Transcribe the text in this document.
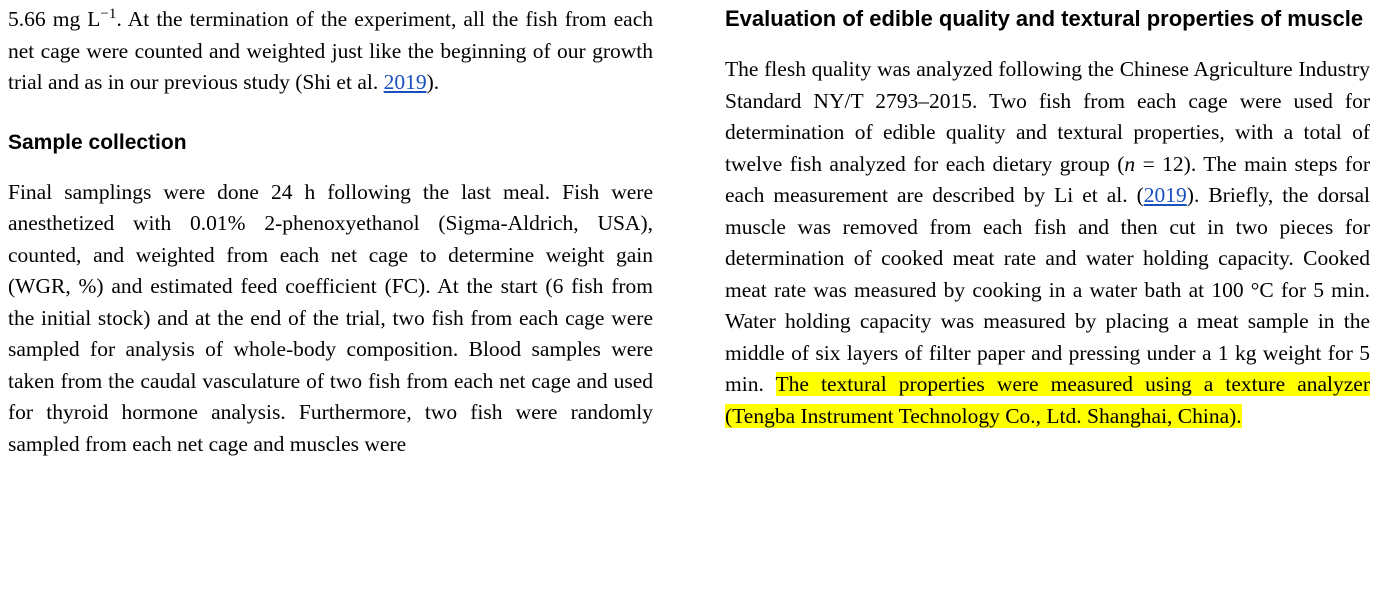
5.66 mg $L^{-1}$. At the termination of the experiment, all the fish from each net cage were counted and weighted just like the beginning of our growth trial and as in our previous study (Shi et al. 2019).

Sample collection

Final samplings were done 24 h following the last meal. Fish were anesthetized with 0.01% 2-phenoxyethanol (Sigma-Aldrich, USA), counted, and weighted from each net cage to determine weight gain (WGR, %) and estimated feed coefficient (FC). At the start (6 fish from the initial stock) and at the end of the trial, two fish from each cage were sampled for analysis of whole-body composition. Blood samples were taken from the caudal vasculature of two fish from each net cage and used for thyroid hormone analysis. Furthermore, two fish were randomly sampled from each net cage and muscles were

Evaluation of edible quality and textural properties of muscle

The flesh quality was analyzed following the Chinese Agriculture Industry Standard NY/T 2793–2015. Two fish from each cage were used for determination of edible quality and textural properties, with a total of twelve fish analyzed for each dietary group (n = 12). The main steps for each measurement are described by Li et al. (2019). Briefly, the dorsal muscle was removed from each fish and then cut in two pieces for determination of cooked meat rate and water holding capacity. Cooked meat rate was measured by cooking in a water bath at 100 °C for 5 min. Water holding capacity was measured by placing a meat sample in the middle of six layers of filter paper and pressing under a 1 kg weight for 5 min. The textural properties were measured using a texture analyzer (Tengba Instrument Technology Co., Ltd. Shanghai, China).
